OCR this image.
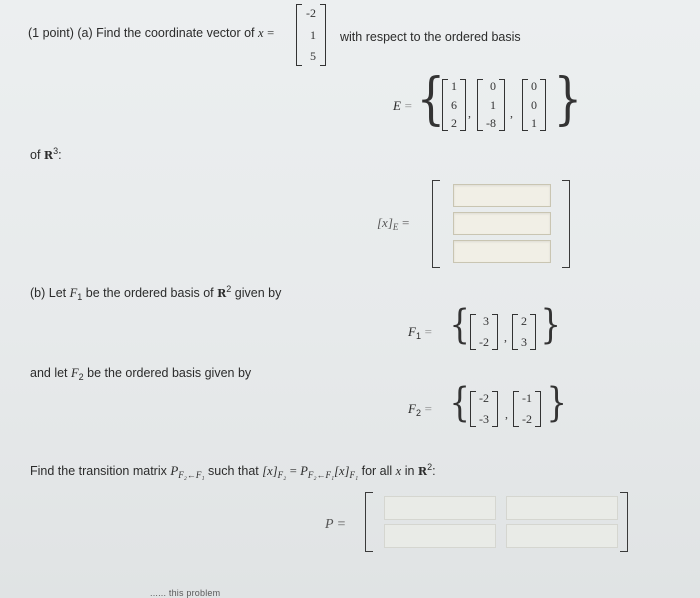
(1 point) (a) Find the coordinate vector of x =
-2
1
5
with respect to the ordered basis
E = { 1
6
2
,
0
1
-8
,
0
0
1 }
of $R^3$:
$[x]_E$ =
(b) Let $F_1$ be the ordered basis of $R^2$ given by
$F_1$ = {	3
-2 ,
2
3 }
and let $F_2$ be the ordered basis given by
$F_2$ = { -2
-3 ,
-1
-2 }
Find the transition matrix $P_{F_2\leftarrow F_1}$ such that $[x]_{F_2} = P_{F_2\leftarrow F_1}[x]_{F_1}$ for all x in $R^2$:
P =
...... this problem
